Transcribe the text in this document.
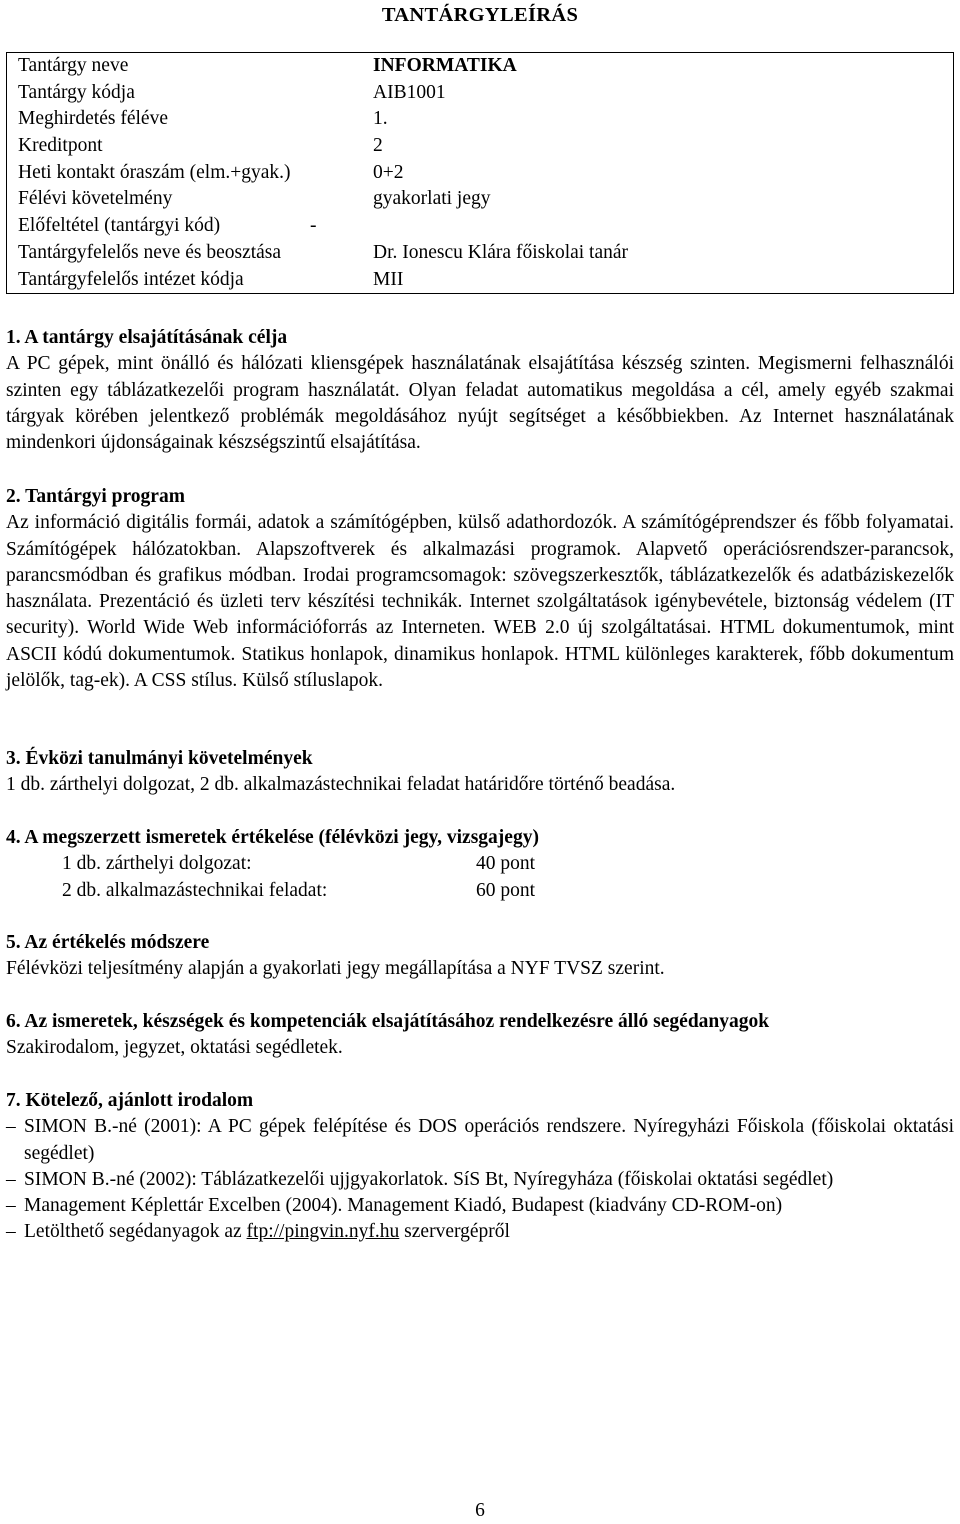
TANTÁRGYLEÍRÁS
Tantárgy neve	INFORMATIKA
Tantárgy kódja	AIB1001
Meghirdetés féléve	1.
Kreditpont	2
Heti kontakt óraszám (elm.+gyak.)	0+2
Félévi követelmény	gyakorlati jegy
Előfeltétel (tantárgyi kód)	-
Tantárgyfelelős neve és beosztása	Dr. Ionescu Klára főiskolai tanár
Tantárgyfelelős intézet kódja	MII
1. A tantárgy elsajátításának célja

A PC gépek, mint önálló és hálózati kliensgépek használatának elsajátítása készség szinten. Megismerni felhasználói szinten egy táblázatkezelői program használatát. Olyan feladat automatikus megoldása a cél, amely egyéb szakmai tárgyak körében jelentkező problémák megoldásához nyújt segítséget a későbbiekben. Az Internet használatának mindenkori újdonságainak készségszintű elsajátítása.

2. Tantárgyi program

Az információ digitális formái, adatok a számítógépben, külső adathordozók. A számítógéprendszer és főbb folyamatai. Számítógépek hálózatokban. Alapszoftverek és alkalmazási programok. Alapvető operációsrendszer-parancsok, parancsmódban és grafikus módban. Irodai programcsomagok: szövegszerkesztők, táblázatkezelők és adatbáziskezelők használata. Prezentáció és üzleti terv készítési technikák. Internet szolgáltatások igénybevétele, biztonság védelem (IT security). World Wide Web információforrás az Interneten. WEB 2.0 új szolgáltatásai. HTML dokumentumok, mint ASCII kódú dokumentumok. Statikus honlapok, dinamikus honlapok. HTML különleges karakterek, főbb dokumentum jelölők, tag-ek). A CSS stílus. Külső stíluslapok.

3. Évközi tanulmányi követelmények

1 db. zárthelyi dolgozat, 2 db. alkalmazástechnikai feladat határidőre történő beadása.

4. A megszerzett ismeretek értékelése (félévközi jegy, vizsgajegy)
1 db. zárthelyi dolgozat:	40 pont
2 db. alkalmazástechnikai feladat:	60 pont
5. Az értékelés módszere

Félévközi teljesítmény alapján a gyakorlati jegy megállapítása a NYF TVSZ szerint.

6. Az ismeretek, készségek és kompetenciák elsajátításához rendelkezésre álló segédanyagok

Szakirodalom, jegyzet, oktatási segédletek.

7. Kötelező, ajánlott irodalom
– SIMON B.-né (2001): A PC gépek felépítése és DOS operációs rendszere. Nyíregyházi Főiskola (főiskolai oktatási segédlet)
– SIMON B.-né (2002): Táblázatkezelői ujjgyakorlatok. SíS Bt, Nyíregyháza (főiskolai oktatási segédlet)
– Management Képlettár Excelben (2004). Management Kiadó, Budapest (kiadvány CD-ROM-on)
– Letölthető segédanyagok az ftp://pingvin.nyf.hu szervergépről
6
